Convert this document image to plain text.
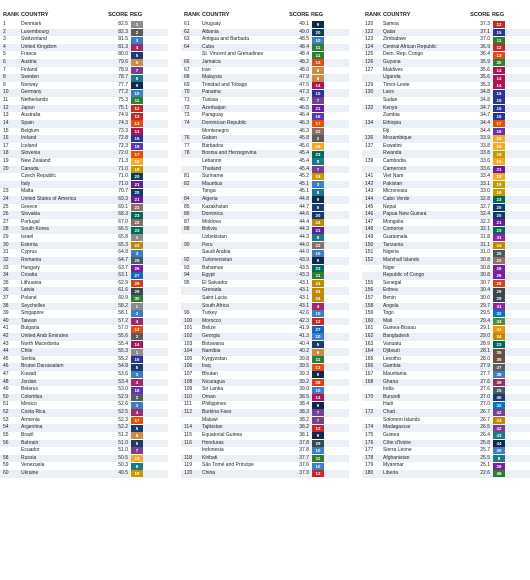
RANK COUNTRY	SCORE REG
1	Denmark	82.5	1
2	Luxembourg	82.3	2
3	Switzerland	81.5	3
4	United Kingdom	81.3	4
5	France	80.0	5
6	Austria	79.6	6
7	Finland	78.9	7
8	Sweden	78.7	8
9	Norway	77.7	9
10 Germany	77.2	10
11	Netherlands	75.3	11
12 Japan	75.1	12
13 Australia	74.9	12
14 Spain	74.3	13
15 Belgium	73.3	14
16 Ireland	72.8	15
17 Iceland	72.3	16
18 Slovenia	72.0	17
19 New Zealand	71.3	18
20 Canada	71.0	19
Czech Republic	71.0	20
Italy	71.0	21
23 Malta	70.7	20
24 United States of America	69.3	21
25 Greece	69.1	22
26 Slovakia	68.3	23
27 Portugal	67.0	22
28 South Korea	66.5	23
29 Israel	65.8	1
30 Estonia	65.3	24
31 Cyprus	64.8	3
32 Romania	64.7	25
33 Hungary	63.7	26
34 Croatia	63.1	27
35 Lithuania	62.9	28
36 Latvia	61.6	29
37 Poland	60.9	30
38 Seychelles	58.2	1
39 Singapore	58.1	3
40 Taiwan	57.2	4
41 Bulgaria	57.0	13
42 United Arab Emirates	55.6	2
43 North Macedonia	55.4	14
44 Chile	55.3	1
45 Serbia	55.2	15
46 Brunei Darussalam	54.8	5
47 Kuwait	53.6	3
48 Jordan	53.4	4
49 Belarus	53.0	16
50 Colombia	52.9	2
51 Mexico	52.6	3
52 Costa Rica	52.5	4
53 Armenia	52.3	17
54 Argentina	52.2	5
55 Brazil	51.2	6
56 Bahrain	51.0	5
Ecuador	51.0	7
58 Russia	50.5	18
59 Venezuela	50.3	8
60 Ukraine	49.5	19
RANK COUNTRY	SCORE REG
61 Uruguay	49.1	9
62 Albania	49.0	20
63 Antigua and Barbuda	48.5	10
64 Cuba	48.4	11
St. Vincent and Grenadines	48.4	11
66 Jamaica	48.2	13
67 Iran	48.0	6
68 Malaysia	47.9	6
69 Trinidad and Tobago	47.5	14
70 Panama	47.3	15
71 Tunisia	46.7	7
72 Azerbaijan	46.5	21
73 Paraguay	46.4	16
74 Dominican Republic	46.3	17
Montenegro	46.3	22
76 Gabon	45.8	2
77 Barbados	45.6	18
78 Bosnia and Herzegovina	45.4	23
Lebanon	45.4	8
Thailand	45.4	7
81 Suriname	45.2	19
82 Mauritius	45.1	3
Tonga	45.1	8
84 Algeria	44.8	9
85 Kazakhstan	44.7	5
86 Dominica	44.6	20
87 Moldova	44.4	24
88 Bolivia	44.3	21
Uzbekistan	44.3	8
90 Peru	44.0	22
Saudi Arabia	44.0	10
92 Turkmenistan	43.9	9
93 Bahamas	43.5	23
94 Egypt	43.3	11
95 El Salvador	43.1	24
Grenada	43.1	24
Saint Lucia	43.1	24
South Africa	43.1	4
99 Turkey	42.6	10
100 Morocco	42.3	12
101 Belize	41.9	27
102 Georgia	41.3	10
103 Botswana	40.4	5
104 Namibia	40.2	6
105 Kyrgyzstan	39.8	11
106 Iraq	39.5	13
107 Bhutan	39.3	9
108 Nicaragua	39.2	28
109 Sri Lanka	39.0	10
110 Oman	38.5	14
111 Philippines	38.4	9
112 Burkina Faso	38.3	7
Malawi	38.2	7
114 Tajikistan	38.2	12
115 Equatorial Guinea	38.1	9
116 Honduras	37.8	29
Indonesia	37.8	10
118 Kiribati	37.7	11
119 São Tomé and Príncipe	37.6	10
120 China	37.3	12
RANK COUNTRY	SCORE REG
120 Samoa	37.3	12
122 Qatar	37.1	15
123 Zimbabwe	37.0	11
124 Central African Republic	36.9	12
125 Dem. Rep. Congo	36.4	13
126 Guyana	35.9	30
127 Maldives	35.6	14
Uganda	35.6	14
129 Timor-Leste	35.3	14
130 Laos	34.8	15
Sudan	34.8	15
132 Kenya	34.7	15
Zambia	34.7	15
134 Ethiopia	34.4	17
Fiji	34.4	16
136 Mozambique	33.9	18
137 Eswatini	33.8	18
Rwanda	33.8	19
139 Cambodia	33.6	18
Cameroon	33.6	21
141 Viet Nam	33.4	18
142 Pakistan	33.1	19
143 Micronesia	33.0	19
144 Cabo Verde	32.8	23
145 Nepal	32.7	20
146 Papua New Guinea	32.4	20
147 Mongolia	32.2	21
148 Comoros	32.1	23
149 Guatemala	31.8	31
150 Tanzania	31.1	24
151 Nigeria	31.0	25
152 Marshall Islands	30.8	22
Niger	30.8	26
Republic of Congo	30.8	26
155 Senegal	30.7	28
156 Eritrea	30.4	29
157 Benin	30.0	29
158 Angola	29.7	31
159 Togo	29.5	32
160 Mali	29.4	33
161 Guinea-Bissau	29.1	34
162 Bangladesh	29.0	24
163 Vanuatu	28.9	23
164 Djibouti	28.1	35
165 Lesotho	28.0	35
166 Gambia	27.9	37
167 Mauritania	27.7	38
168 Ghana	27.6	39
India	27.6	25
170 Burundi	27.0	40
Haiti	27.0	32
172 Chad	26.7	42
Solomon Islands	26.7	24
174 Madagascar	26.5	42
175 Guinea	26.4	43
176 Côte d'Ivoire	25.8	44
177 Sierra Leone	25.7	45
178 Afghanistan	25.5	8
179 Myanmar	25.1	26
180 Liberia	22.6	46
